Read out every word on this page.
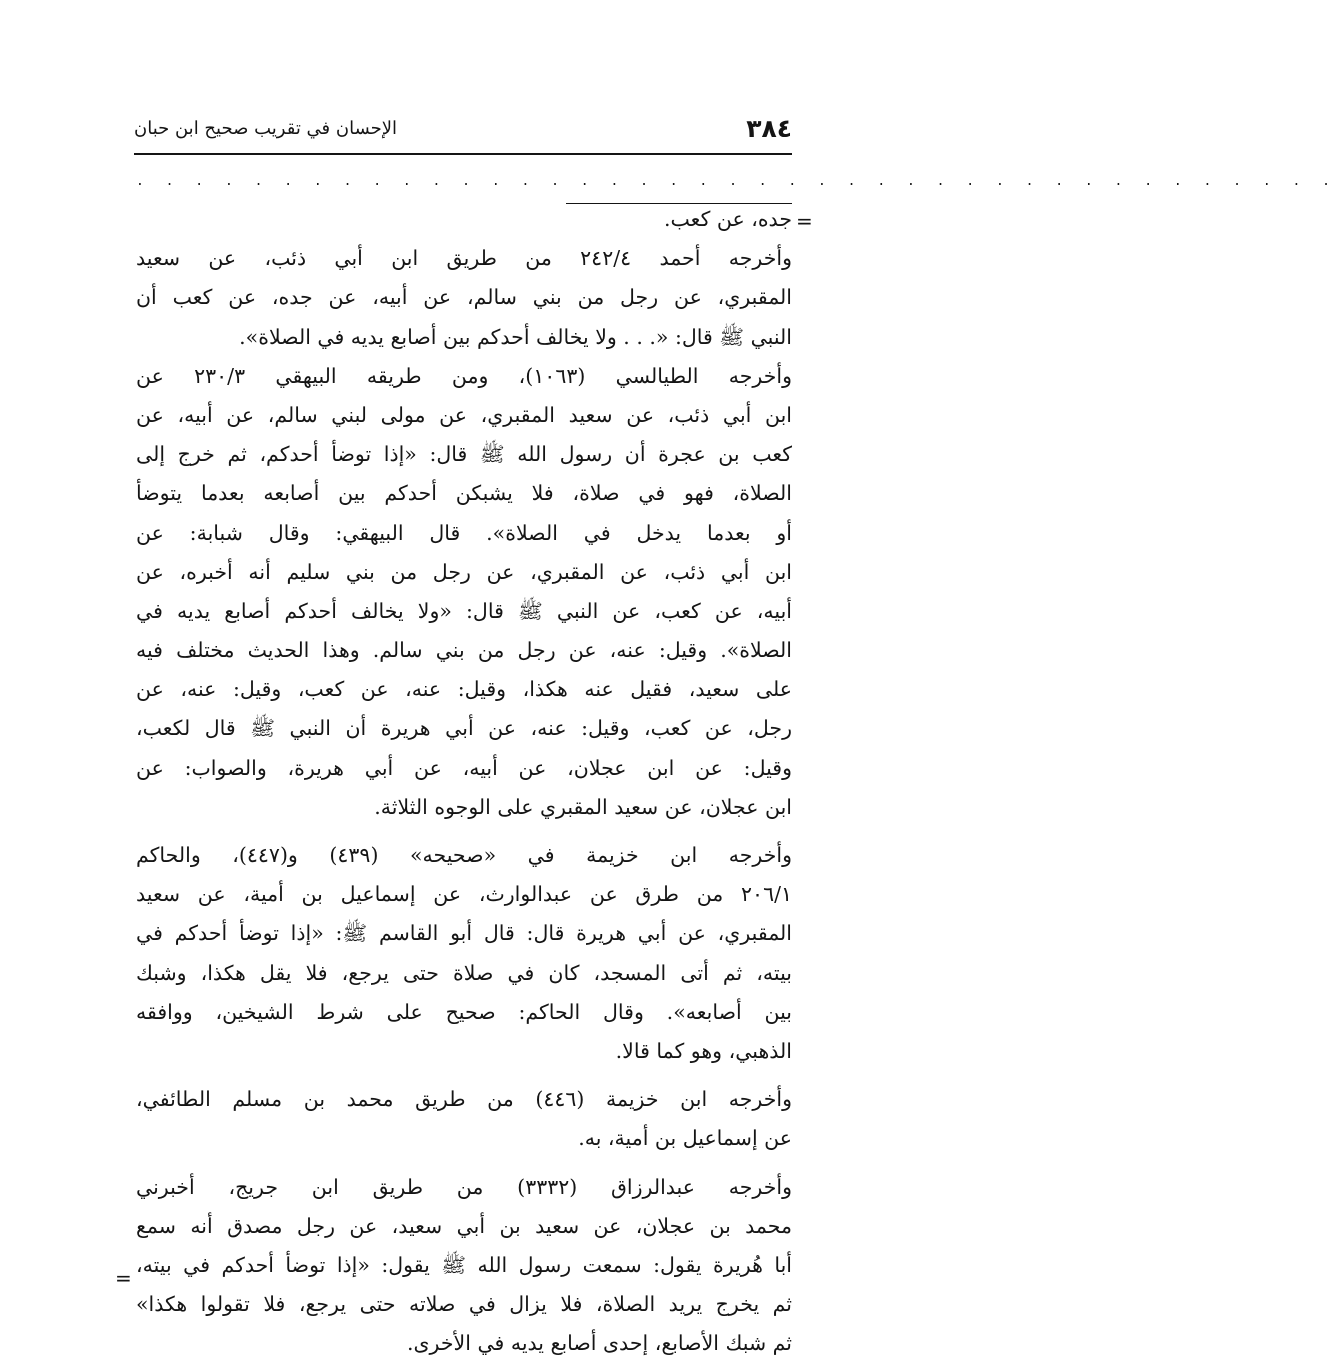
٣٨٤
الإحسان في تقريب صحيح ابن حبان
. . . . . . . . . . . . . . . . . . . . . . . . . . . . . . . . . . . . . . . . .
=
=
جده، عن كعب.
وأخرجه أحمد ٢٤٢/٤ من طريق ابن أبي ذئب، عن سعيد
المقبري، عن رجل من بني سالم، عن أبيه، عن جده، عن كعب أن
النبي ﷺ قال: «. . . ولا يخالف أحدكم بين أصابع يديه في الصلاة».
وأخرجه الطيالسي (١٠٦٣)، ومن طريقه البيهقي ٢٣٠/٣ عن
ابن أبي ذئب، عن سعيد المقبري، عن مولى لبني سالم، عن أبيه، عن
كعب بن عجرة أن رسول الله ﷺ قال: «إذا توضأ أحدكم، ثم خرج إلى
الصلاة، فهو في صلاة، فلا يشبكن أحدكم بين أصابعه بعدما يتوضأ
أو بعدما يدخل في الصلاة». قال البيهقي: وقال شبابة: عن
ابن أبي ذئب، عن المقبري، عن رجل من بني سليم أنه أخبره، عن
أبيه، عن كعب، عن النبي ﷺ قال: «ولا يخالف أحدكم أصابع يديه في
الصلاة». وقيل: عنه، عن رجل من بني سالم. وهذا الحديث مختلف فيه
على سعيد، فقيل عنه هكذا، وقيل: عنه، عن كعب، وقيل: عنه، عن
رجل، عن كعب، وقيل: عنه، عن أبي هريرة أن النبي ﷺ قال لكعب،
وقيل: عن ابن عجلان، عن أبيه، عن أبي هريرة، والصواب: عن
ابن عجلان، عن سعيد المقبري على الوجوه الثلاثة.
وأخرجه ابن خزيمة في «صحيحه» (٤٣٩) و(٤٤٧)، والحاكم
٢٠٦/١ من طرق عن عبدالوارث، عن إسماعيل بن أمية، عن سعيد
المقبري، عن أبي هريرة قال: قال أبو القاسم ﷺ: «إذا توضأ أحدكم في
بيته، ثم أتى المسجد، كان في صلاة حتى يرجع، فلا يقل هكذا، وشبك
بين أصابعه». وقال الحاكم: صحيح على شرط الشيخين، ووافقه
الذهبي، وهو كما قالا.
وأخرجه ابن خزيمة (٤٤٦) من طريق محمد بن مسلم الطائفي،
عن إسماعيل بن أمية، به.
وأخرجه عبدالرزاق (٣٣٣٢) من طريق ابن جريج، أخبرني
محمد بن عجلان، عن سعيد بن أبي سعيد، عن رجل مصدق أنه سمع
أبا هُريرة يقول: سمعت رسول الله ﷺ يقول: «إذا توضأ أحدكم في بيته،
ثم يخرج يريد الصلاة، فلا يزال في صلاته حتى يرجع، فلا تقولوا هكذا»
ثم شبك الأصابع، إحدى أصابع يديه في الأخرى.
